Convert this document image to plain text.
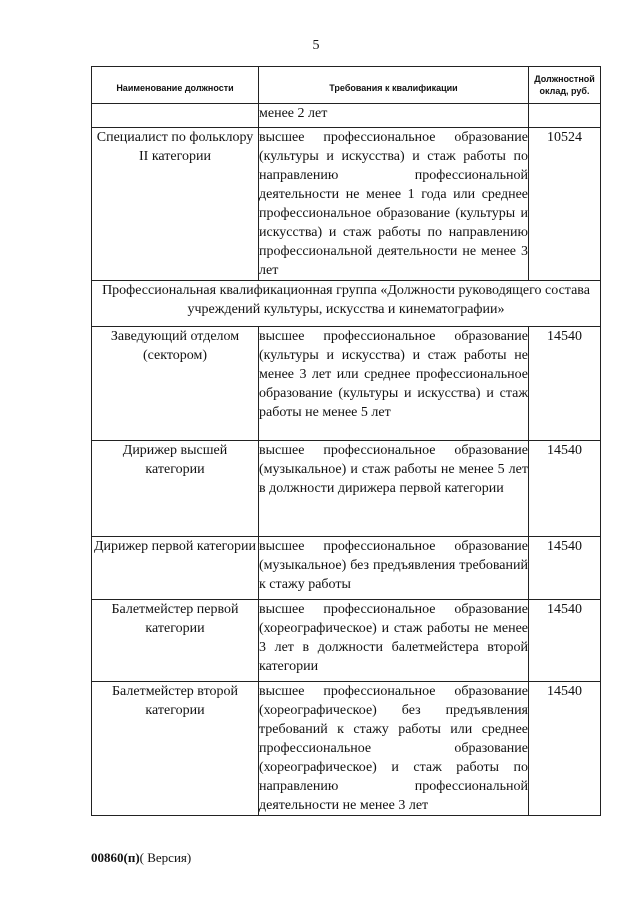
5
Наименование должности	Требования к квалификации	Должностной оклад, руб.
	менее 2 лет	
Специалист по фольклору II категории	высшее профессиональное образование (культуры и искусства) и стаж работы по направлению профессиональной деятельности не менее 1 года или среднее профессиональное образование (культуры и искусства) и стаж работы по направлению профессиональной деятельности не менее 3 лет	10524
Профессиональная квалификационная группа «Должности руководящего состава учреждений культуры, искусства и кинематографии»		
Заведующий отделом (сектором)	высшее профессиональное образование (культуры и искусства) и стаж работы не менее 3 лет или среднее профессиональное образование (культуры и искусства) и стаж работы не менее 5 лет	14540
Дирижер высшей категории	высшее профессиональное образование (музыкальное) и стаж работы не менее 5 лет в должности дирижера первой категории	14540
Дирижер первой категории	высшее профессиональное образование (музыкальное) без предъявления требований к стажу работы	14540
Балетмейстер первой категории	высшее профессиональное образование (хореографическое) и стаж работы не менее 3 лет в должности балетмейстера второй категории	14540
Балетмейстер второй категории	высшее профессиональное образование (хореографическое) без предъявления требований к стажу работы или среднее профессиональное образование (хореографическое) и стаж работы по направлению профессиональной деятельности не менее 3 лет	14540
00860(п)( Версия)
